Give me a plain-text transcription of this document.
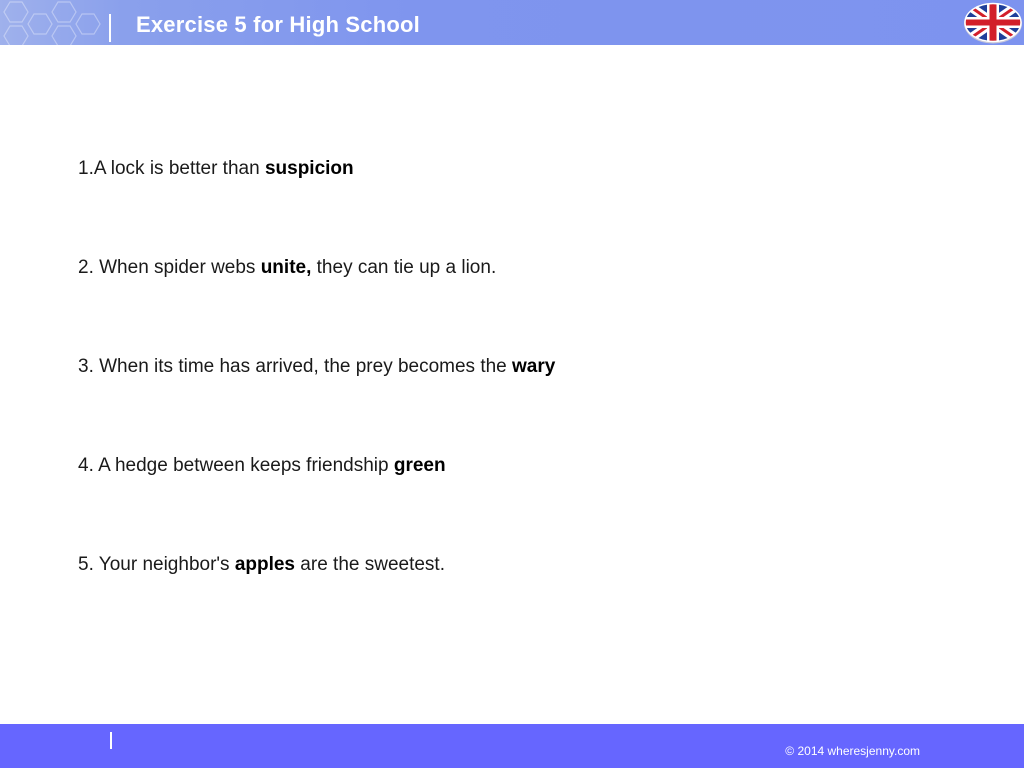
Exercise 5 for High School
1.A lock is better than suspicion
2. When spider webs unite, they can tie up a lion.
3. When its time has arrived, the prey becomes the wary
4. A hedge between keeps friendship green
5. Your neighbor's apples are the sweetest.
© 2014 wheresjenny.com
